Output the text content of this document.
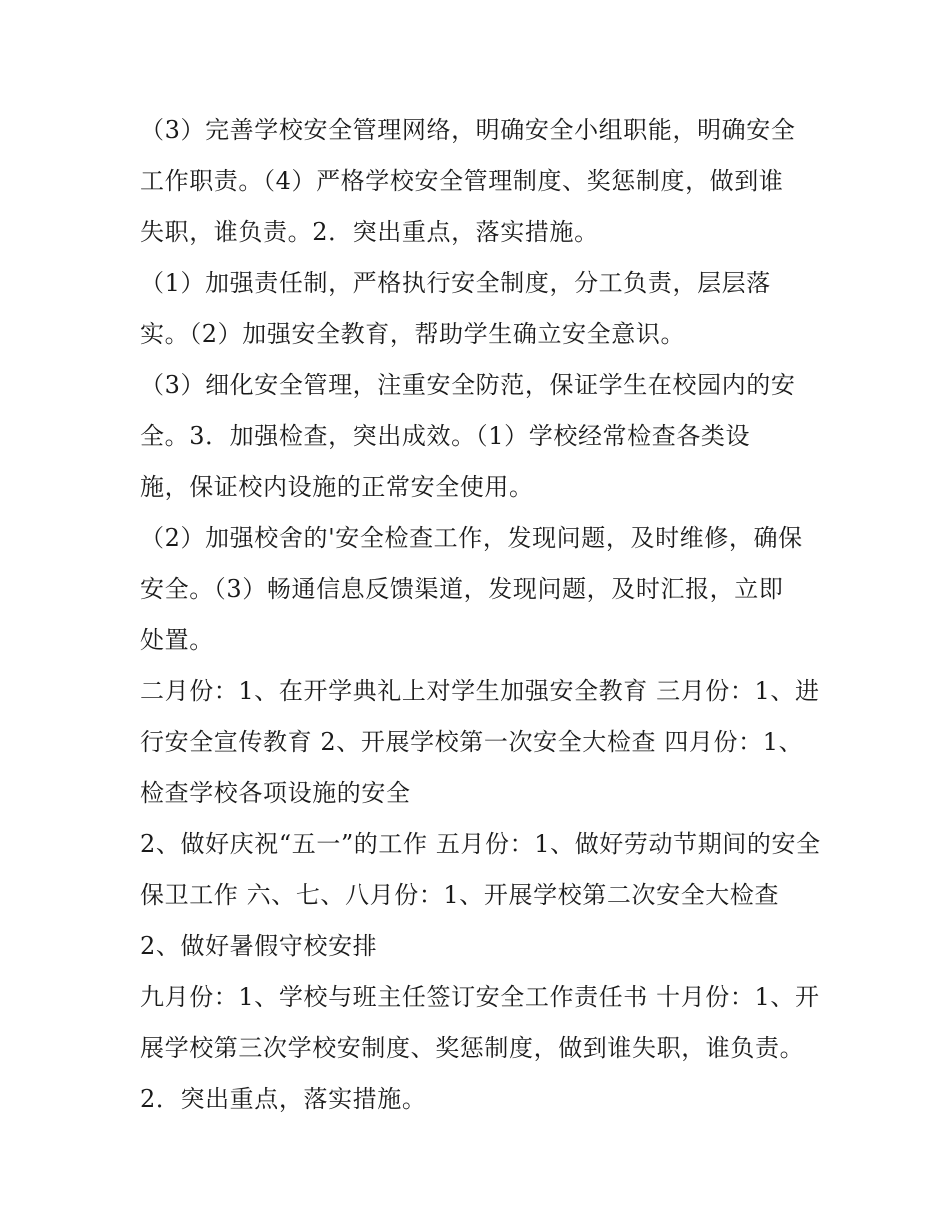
（3）完善学校安全管理网络，明确安全小组职能，明确安全
工作职责。（4）严格学校安全管理制度、奖惩制度，做到谁
失职，谁负责。2．突出重点，落实措施。
（1）加强责任制，严格执行安全制度，分工负责，层层落
实。（2）加强安全教育，帮助学生确立安全意识。
（3）细化安全管理，注重安全防范，保证学生在校园内的安
全。3．加强检查，突出成效。（1）学校经常检查各类设
施，保证校内设施的正常安全使用。
（2）加强校舍的'安全检查工作，发现问题，及时维修，确保
安全。（3）畅通信息反馈渠道，发现问题，及时汇报，立即
处置。
二月份：1、在开学典礼上对学生加强安全教育 三月份：1、进
行安全宣传教育 2、开展学校第一次安全大检查 四月份：1、
检查学校各项设施的安全
2、做好庆祝“五一”的工作 五月份：1、做好劳动节期间的安全
保卫工作 六、七、八月份：1、开展学校第二次安全大检查
2、做好暑假守校安排
九月份：1、学校与班主任签订安全工作责任书 十月份：1、开
展学校第三次学校安制度、奖惩制度，做到谁失职，谁负责。
2．突出重点，落实措施。
